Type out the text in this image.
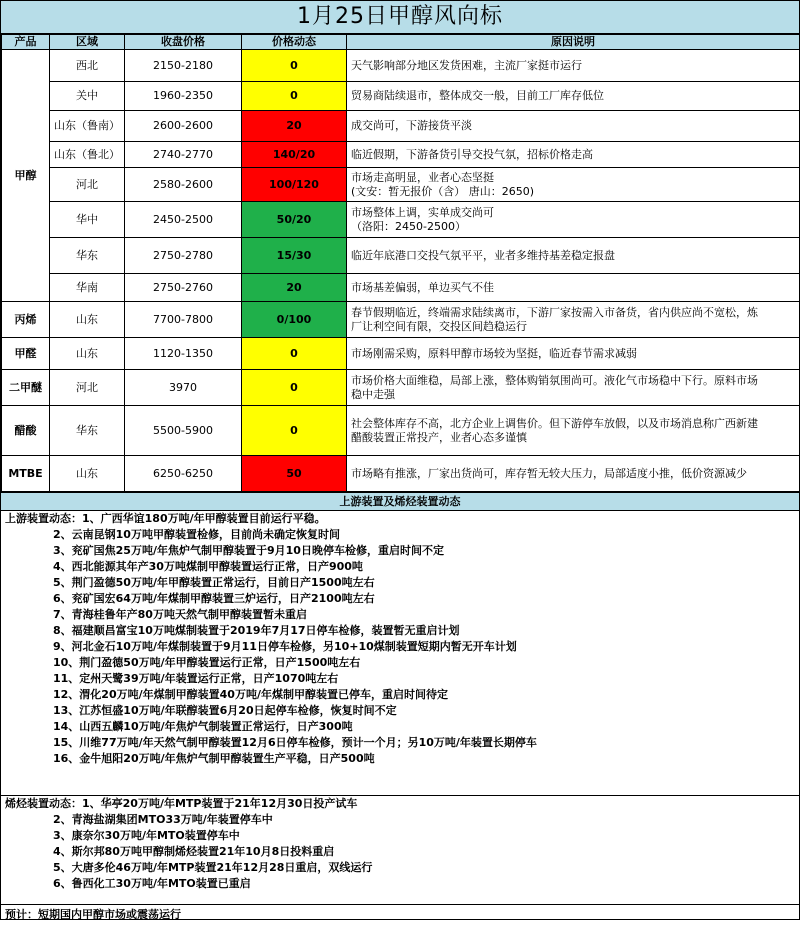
1月25日甲醇风向标
产品	区域	收盘价格	价格动态	原因说明
甲醇	西北	2150-2180	0	天气影响部分地区发货困难，主流厂家挺市运行
	关中	1960-2350	0	贸易商陆续退市，整体成交一般，目前工厂库存低位
	山东（鲁南）	2600-2600	20	成交尚可，下游接货平淡
	山东（鲁北）	2740-2770	140/20	临近假期，下游备货引导交投气氛，招标价格走高
	河北	2580-2600	100/120	市场走高明显，业者心态坚挺
(文安：暂无报价（含） 唐山：2650)

	华中	2450-2500	50/20	市场整体上调，实单成交尚可
（洛阳：2450-2500）

	华东	2750-2780	15/30	临近年底港口交投气氛平平，业者多维持基差稳定报盘
	华南	2750-2760	20	市场基差偏弱，单边买气不佳
丙烯	山东	7700-7800	0/100	春节假期临近，终端需求陆续离市，下游厂家按需入市备货，省内供应尚不宽松，炼
厂让利空间有限，交投区间趋稳运行

甲醛	山东	1120-1350	0	市场刚需采购，原料甲醇市场较为坚挺，临近春节需求减弱
二甲醚	河北	3970	0	市场价格大面维稳，局部上涨，整体购销氛围尚可。液化气市场稳中下行。原料市场
稳中走强

醋酸	华东	5500-5900	0	社会整体库存不高，北方企业上调售价。但下游停车放假，以及市场消息称广西新建
醋酸装置正常投产，业者心态多谨慎

MTBE	山东	6250-6250	50	市场略有推涨，厂家出货尚可，库存暂无较大压力，局部适度小推，低价资源减少
上游装置及烯烃装置动态
上游装置动态：1、广西华谊180万吨/年甲醇装置目前运行平稳。
2、云南昆钢10万吨甲醇装置检修，目前尚未确定恢复时间
3、兖矿国焦25万吨/年焦炉气制甲醇装置于9月10日晚停车检修，重启时间不定
4、西北能源其年产30万吨煤制甲醇装置运行正常，日产900吨
5、荆门盈德50万吨/年甲醇装置正常运行，目前日产1500吨左右
6、兖矿国宏64万吨/年煤制甲醇装置三炉运行，日产2100吨左右
7、青海桂鲁年产80万吨天然气制甲醇装置暂未重启
8、福建顺昌富宝10万吨煤制装置于2019年7月17日停车检修，装置暂无重启计划
9、河北金石10万吨/年煤制装置于9月11日停车检修，另10+10煤制装置短期内暂无开车计划
10、荆门盈德50万吨/年甲醇装置运行正常，日产1500吨左右
11、定州天鹭39万吨/年装置运行正常，日产1070吨左右
12、渭化20万吨/年煤制甲醇装置40万吨/年煤制甲醇装置已停车，重启时间待定
13、江苏恒盛10万吨/年联醇装置6月20日起停车检修，恢复时间不定
14、山西五麟10万吨/年焦炉气制装置正常运行，日产300吨
15、川维77万吨/年天然气制甲醇装置12月6日停车检修，预计一个月；另10万吨/年装置长期停车
16、金牛旭阳20万吨/年焦炉气制甲醇装置生产平稳，日产500吨
烯烃装置动态：1、华亭20万吨/年MTP装置于21年12月30日投产试车
2、青海盐湖集团MTO33万吨/年装置停车中
3、康奈尔30万吨/年MTO装置停车中
4、斯尔邦80万吨甲醇制烯烃装置21年10月8日投料重启
5、大唐多伦46万吨/年MTP装置21年12月28日重启，双线运行
6、鲁西化工30万吨/年MTO装置已重启
预计：短期国内甲醇市场或震荡运行
